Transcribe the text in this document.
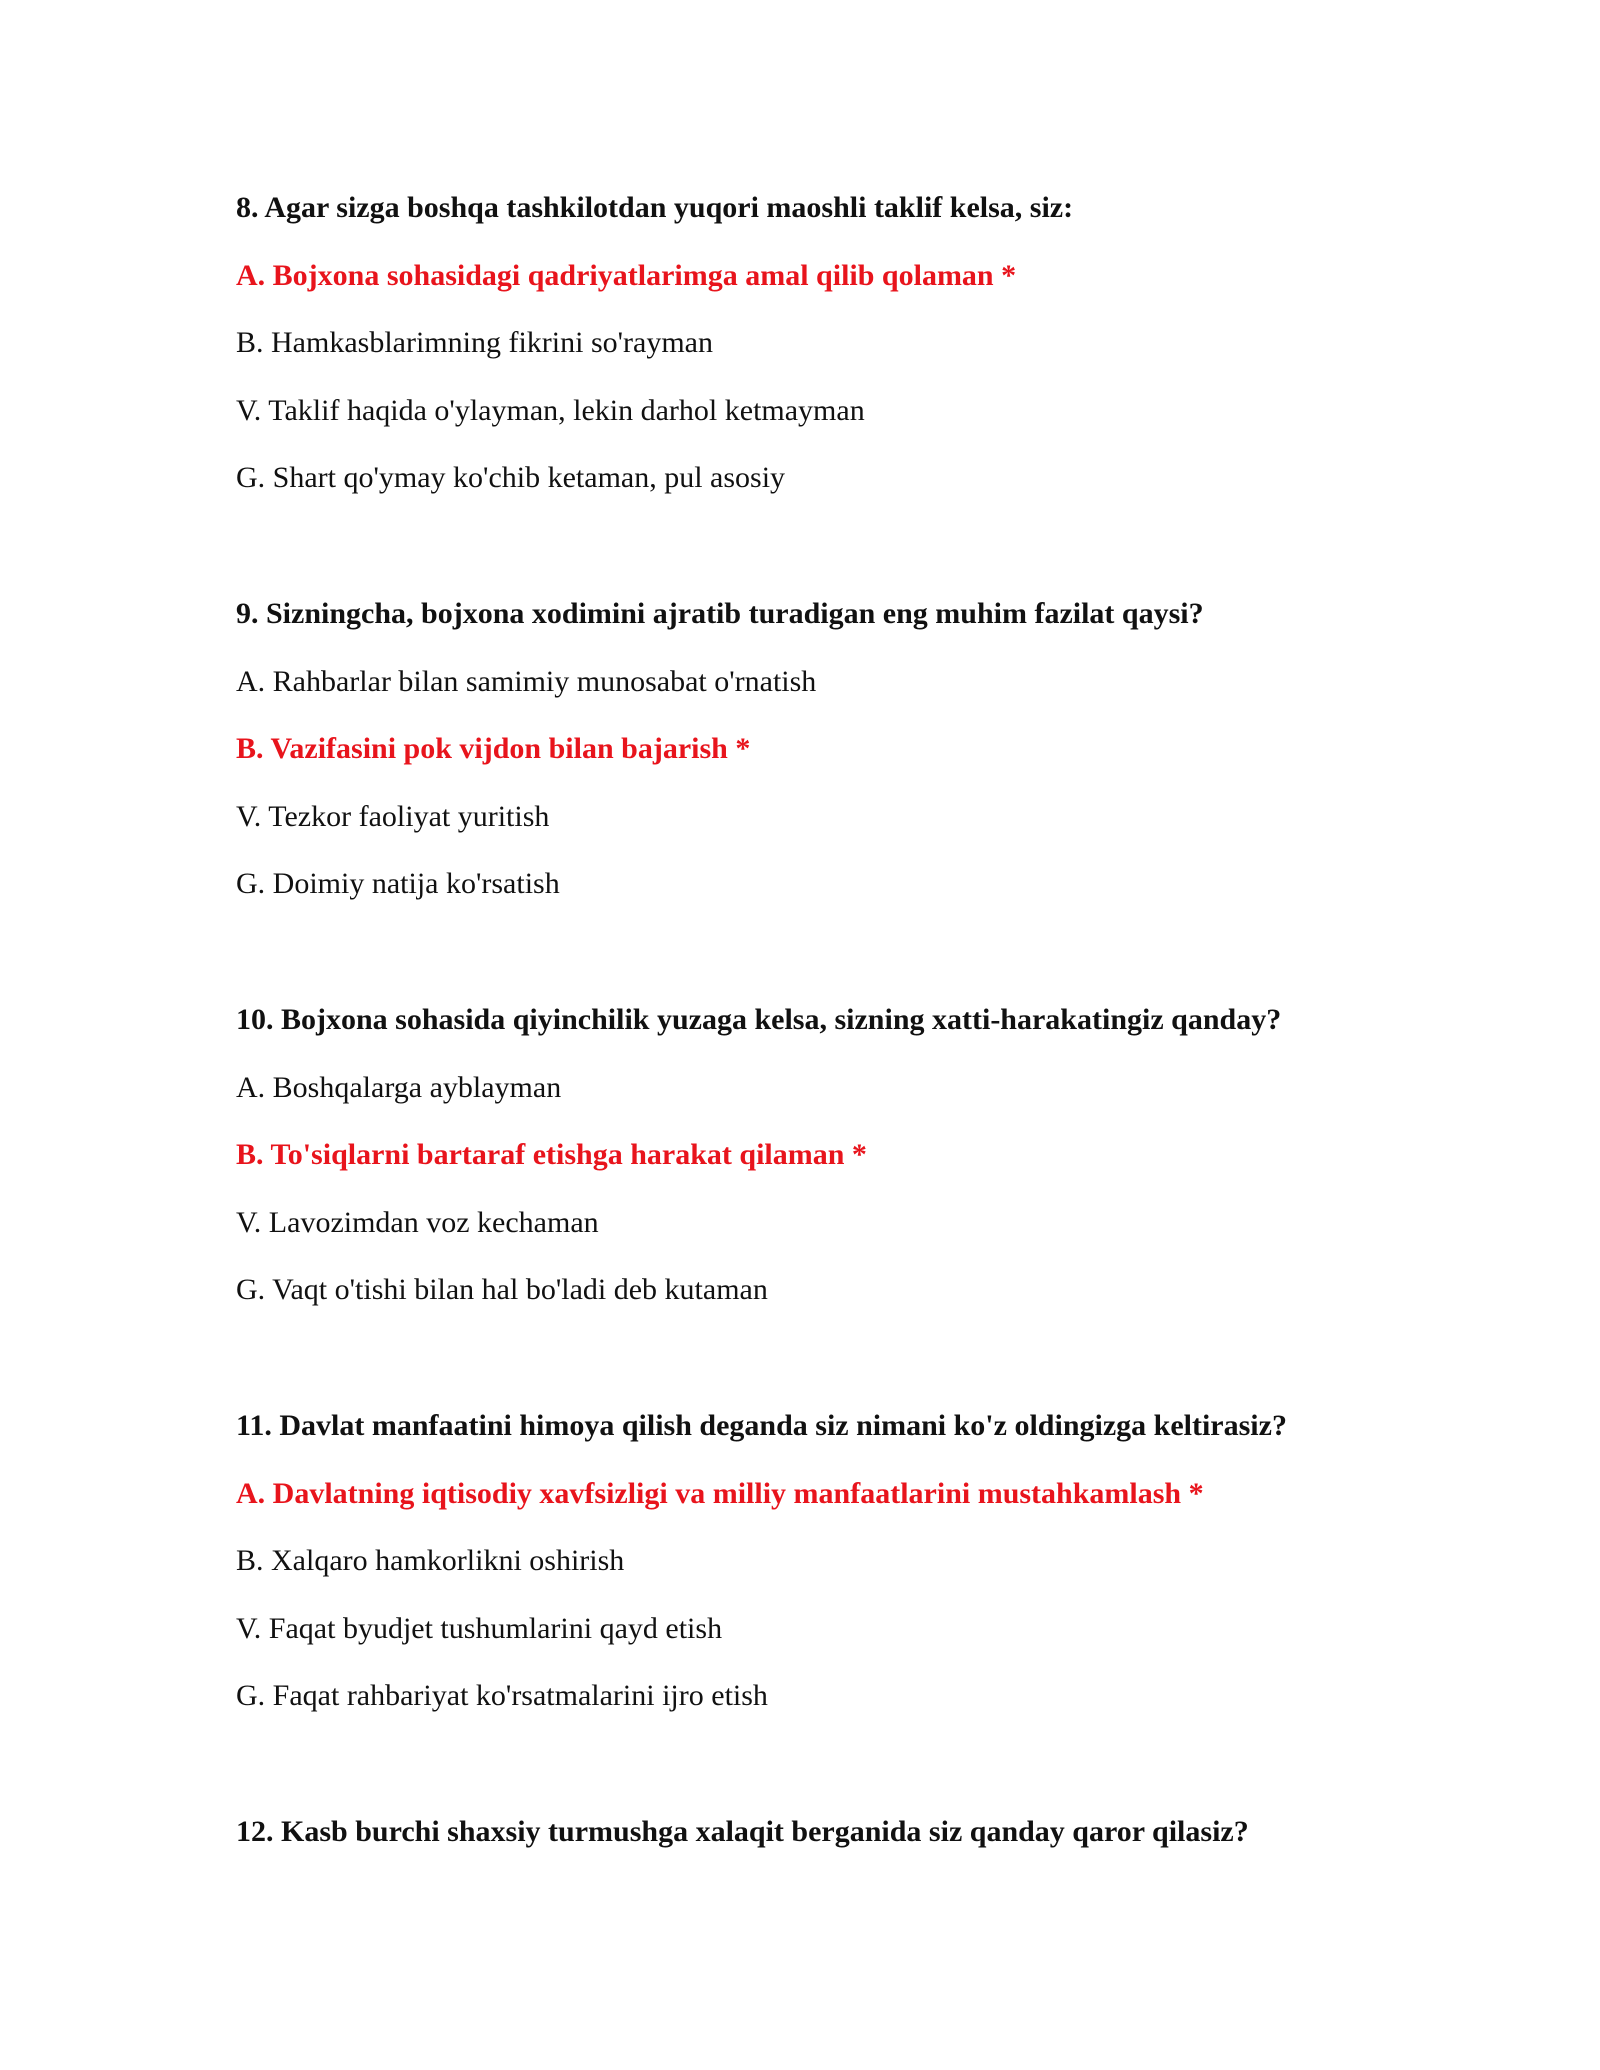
8. Agar sizga boshqa tashkilotdan yuqori maoshli taklif kelsa, siz:
A. Bojxona sohasidagi qadriyatlarimga amal qilib qolaman *
B. Hamkasblarimning fikrini so'rayman
V. Taklif haqida o'ylayman, lekin darhol ketmayman
G. Shart qo'ymay ko'chib ketaman, pul asosiy
9. Sizningcha, bojxona xodimini ajratib turadigan eng muhim fazilat qaysi?
A. Rahbarlar bilan samimiy munosabat o'rnatish
B. Vazifasini pok vijdon bilan bajarish *
V. Tezkor faoliyat yuritish
G. Doimiy natija ko'rsatish
10. Bojxona sohasida qiyinchilik yuzaga kelsa, sizning xatti-harakatingiz qanday?
A. Boshqalarga ayblayman
B. To'siqlarni bartaraf etishga harakat qilaman *
V. Lavozimdan voz kechaman
G. Vaqt o'tishi bilan hal bo'ladi deb kutaman
11. Davlat manfaatini himoya qilish deganda siz nimani ko'z oldingizga keltirasiz?
A. Davlatning iqtisodiy xavfsizligi va milliy manfaatlarini mustahkamlash *
B. Xalqaro hamkorlikni oshirish
V. Faqat byudjet tushumlarini qayd etish
G. Faqat rahbariyat ko'rsatmalarini ijro etish
12. Kasb burchi shaxsiy turmushga xalaqit berganida siz qanday qaror qilasiz?
